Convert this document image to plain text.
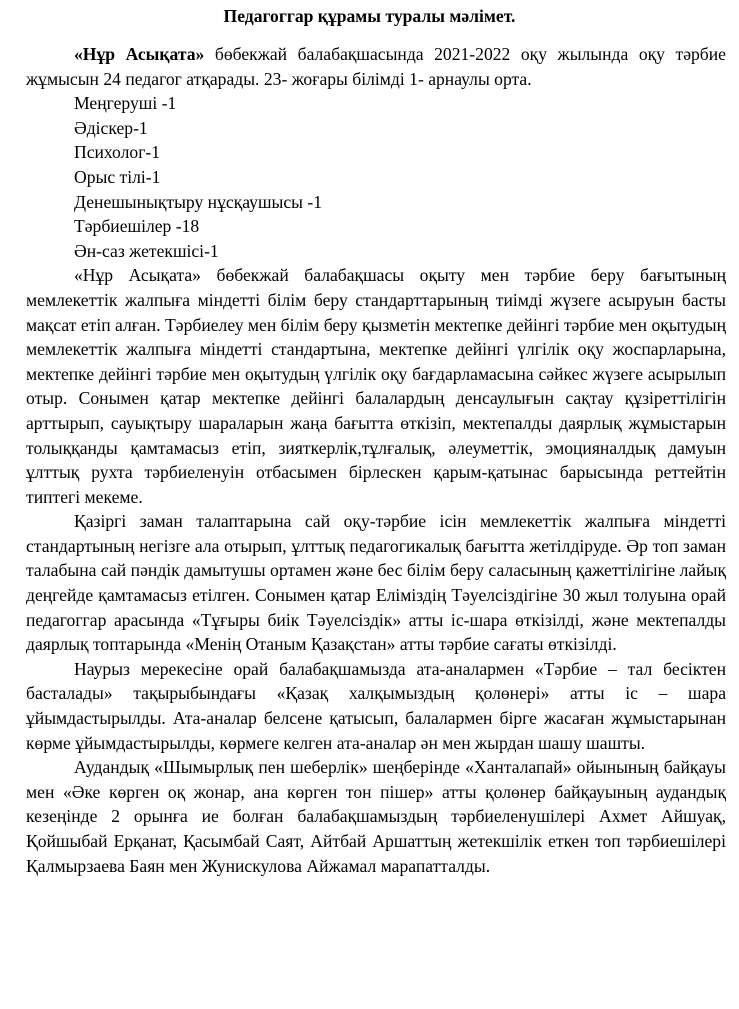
Педагоггар құрамы туралы мәлімет.

«Нұр Асықата» бөбекжай балабақшасында 2021-2022 оқу жылында оқу тәрбие жұмысын 24 педагог атқарады. 23- жоғары білімді 1- арнаулы орта.

Меңгеруші -1
Әдіскер-1
Психолог-1
Орыс тілі-1
Денешынықтыру нұсқаушысы -1
Тәрбиешілер -18
Ән-саз жетекшісі-1

«Нұр Асықата» бөбекжай балабақшасы оқыту мен тәрбие беру бағытының мемлекеттік жалпыға міндетті білім беру стандарттарының тиімді жүзеге асыруын басты мақсат етіп алған. Тәрбиелеу мен білім беру қызметін мектепке дейінгі тәрбие мен оқытудың мемлекеттік жалпыға міндетті стандартына, мектепке дейінгі үлгілік оқу жоспарларына, мектепке дейінгі тәрбие мен оқытудың үлгілік оқу бағдарламасына сәйкес жүзеге асырылып отыр. Сонымен қатар мектепке дейінгі балалардың денсаулығын сақтау құзіреттілігін арттырып, сауықтыру шараларын жаңа бағытта өткізіп, мектепалды даярлық жұмыстарын толыққанды қамтамасыз етіп, зияткерлік,тұлғалық, әлеуметтік, эмоцияналдық дамуын ұлттық рухта тәрбиеленуін отбасымен бірлескен қарым-қатынас барысында реттейтін типтегі мекеме.

Қазіргі заман талаптарына сай оқу-тәрбие ісін мемлекеттік жалпыға міндетті стандартының негізге ала отырып, ұлттық педагогикалық бағытта жетілдіруде. Әр топ заман талабына сай пәндік дамытушы ортамен және бес білім беру саласының қажеттілігіне лайық деңгейде қамтамасыз етілген. Сонымен қатар Еліміздің Тәуелсіздігіне 30 жыл толуына орай педагоггар арасында «Тұғыры биік Тәуелсіздік» атты іс-шара өткізілді, және мектепалды даярлық топтарында «Менің Отаным Қазақстан» атты тәрбие сағаты өткізілді.

Наурыз мерекесіне орай балабақшамызда ата-аналармен «Тәрбие – тал бесіктен басталады» тақырыбындағы «Қазақ халқымыздың қолөнері» атты іс – шара ұйымдастырылды. Ата-аналар белсене қатысып, балалармен бірге жасаған жұмыстарынан көрме ұйымдастырылды, көрмеге келген ата-аналар ән мен жырдан шашу шашты.

Аудандық «Шымырлық пен шеберлік» шеңберінде «Ханталапай» ойынының байқауы мен «Әке көрген оқ жонар, ана көрген тон пішер» атты қолөнер байқауының аудандық кезеңінде 2 орынға ие болған балабақшамыздың тәрбиеленушілері Ахмет Айшуақ, Қойшыбай Ерқанат, Қасымбай Саят, Айтбай Аршаттың жетекшілік еткен топ тәрбиешілері Қалмырзаева Баян мен Жунискулова Айжамал марапатталды.
